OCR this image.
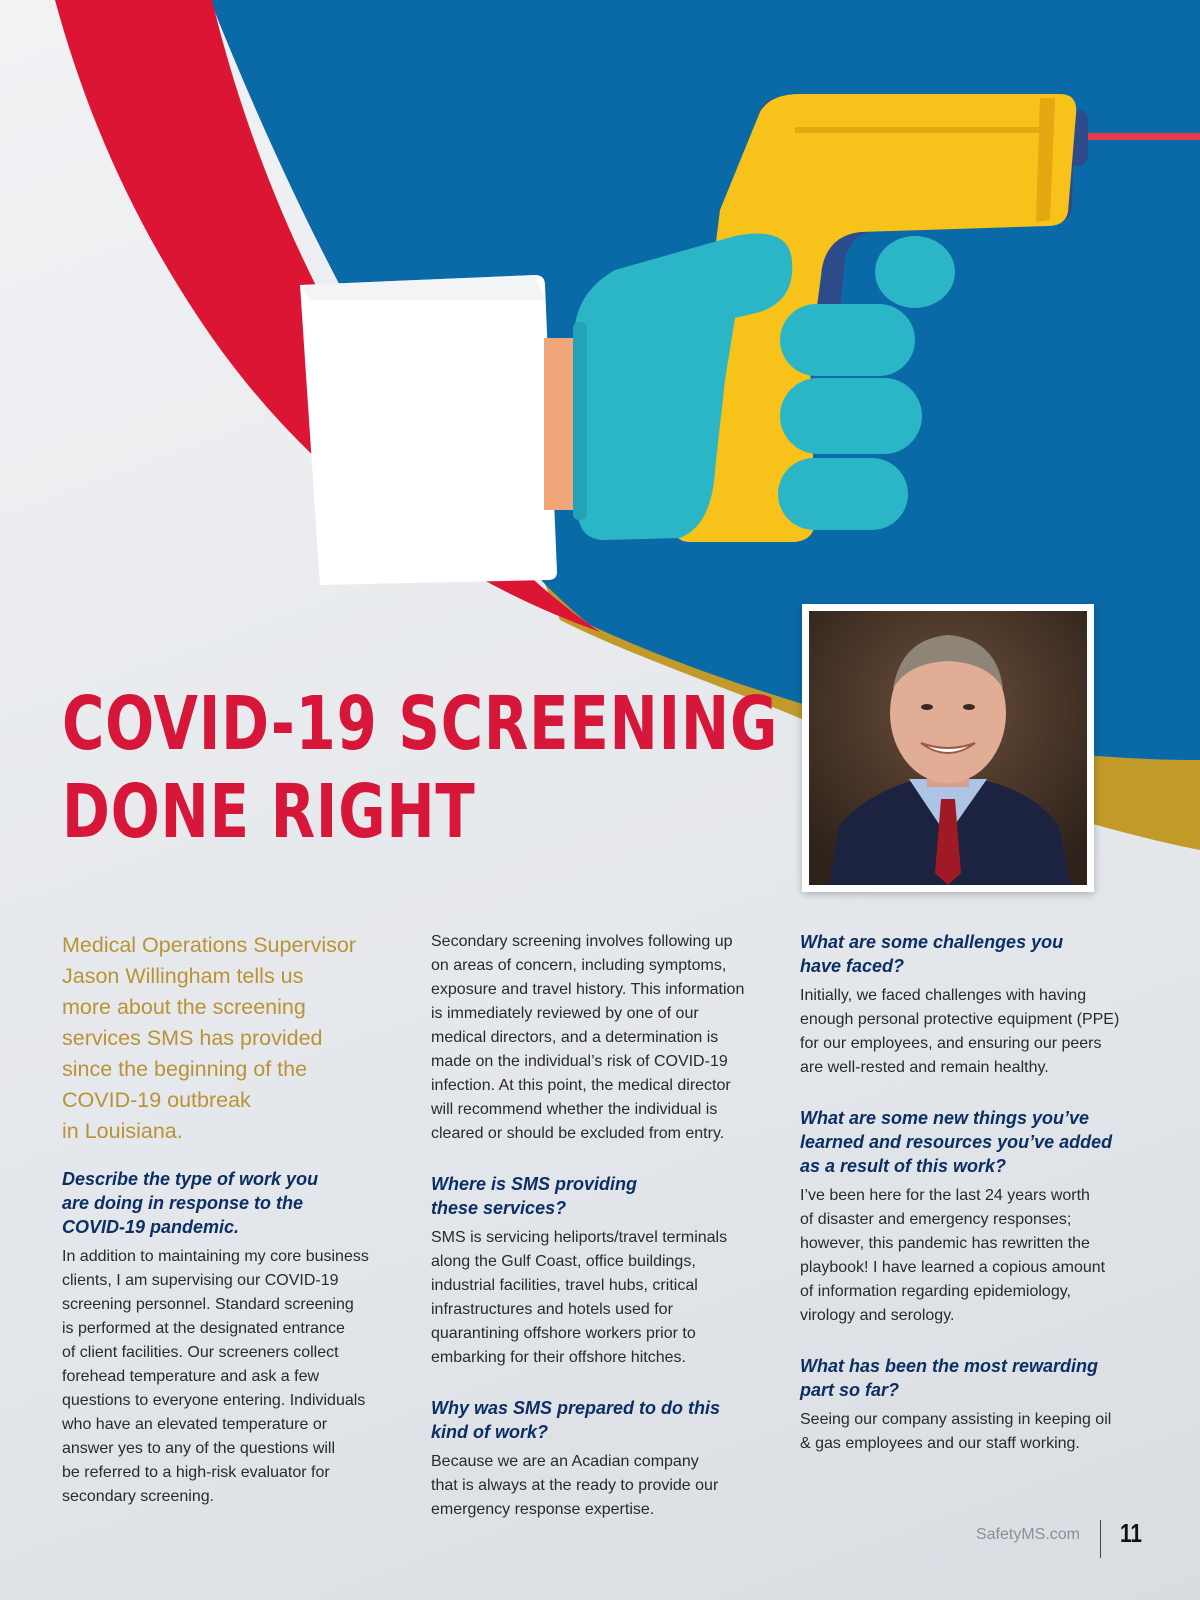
COVID-19 SCREENING
DONE RIGHT

Medical Operations Supervisor
Jason Willingham tells us
more about the screening
services SMS has provided
since the beginning of the
COVID-19 outbreak
in Louisiana.

Describe the type of work you
are doing in response to the
COVID-19 pandemic.

In addition to maintaining my core business
clients, I am supervising our COVID-19
screening personnel. Standard screening
is performed at the designated entrance
of client facilities. Our screeners collect
forehead temperature and ask a few
questions to everyone entering. Individuals
who have an elevated temperature or
answer yes to any of the questions will
be referred to a high-risk evaluator for
secondary screening.

Secondary screening involves following up
on areas of concern, including symptoms,
exposure and travel history. This information
is immediately reviewed by one of our
medical directors, and a determination is
made on the individual’s risk of COVID-19
infection. At this point, the medical director
will recommend whether the individual is
cleared or should be excluded from entry.

Where is SMS providing
these services?

SMS is servicing heliports/travel terminals
along the Gulf Coast, office buildings,
industrial facilities, travel hubs, critical
infrastructures and hotels used for
quarantining offshore workers prior to
embarking for their offshore hitches.

Why was SMS prepared to do this
kind of work?

Because we are an Acadian company
that is always at the ready to provide our
emergency response expertise.

What are some challenges you
have faced?

Initially, we faced challenges with having
enough personal protective equipment (PPE)
for our employees, and ensuring our peers
are well-rested and remain healthy.

What are some new things you’ve
learned and resources you’ve added
as a result of this work?

I’ve been here for the last 24 years worth
of disaster and emergency responses;
however, this pandemic has rewritten the
playbook! I have learned a copious amount
of information regarding epidemiology,
virology and serology.

What has been the most rewarding
part so far?

Seeing our company assisting in keeping oil
& gas employees and our staff working.

SafetyMS.com 11
